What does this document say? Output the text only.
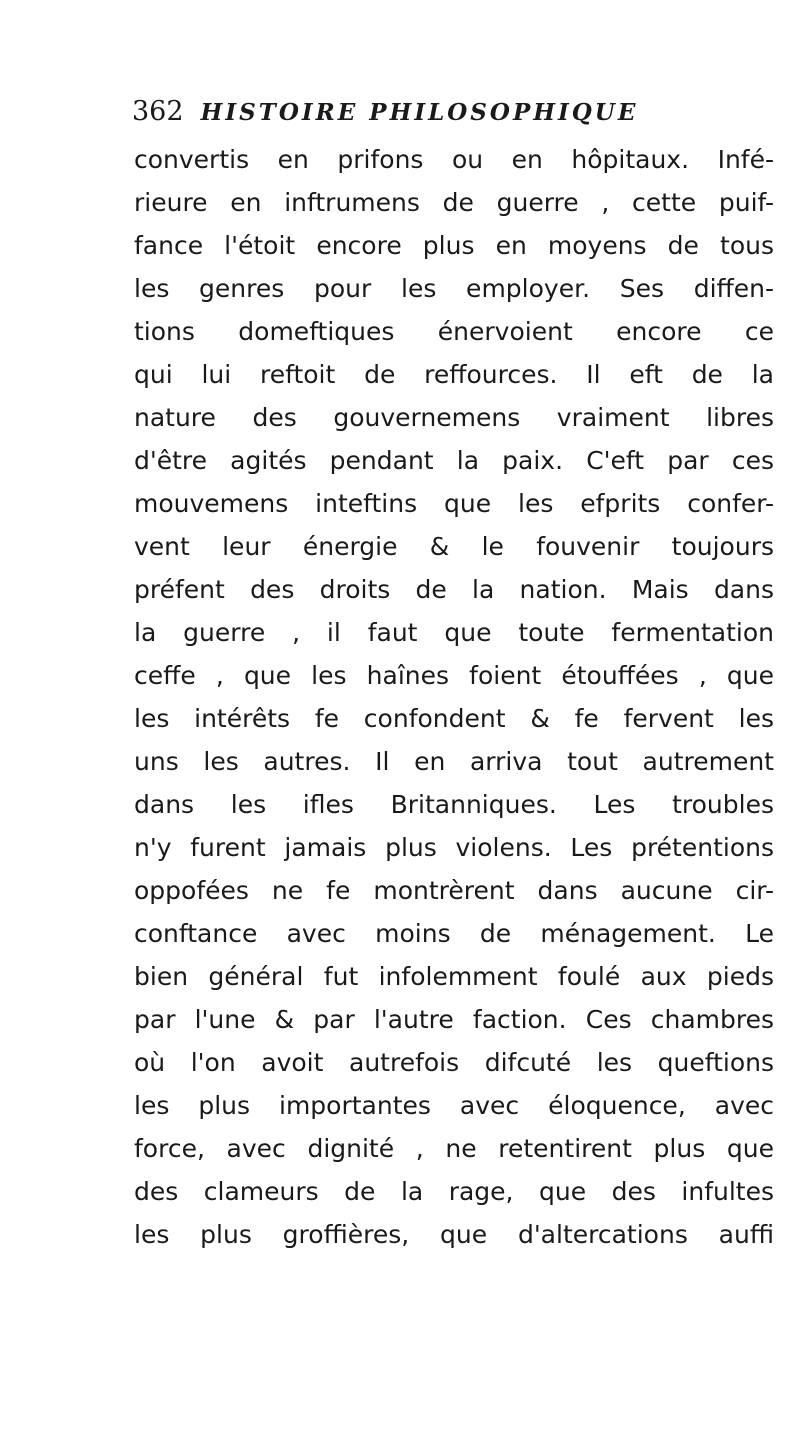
362 HISTOIRE PHILOSOPHIQUE
convertis en prifons ou en hôpitaux. Infé-
rieure en inftrumens de guerre , cette puif-
fance l'étoit encore plus en moyens de tous
les genres pour les employer. Ses diffen-
tions domeftiques énervoient encore ce
qui lui reftoit de reffources. Il eft de la
nature des gouvernemens vraiment libres
d'être agités pendant la paix. C'eft par ces
mouvemens inteftins que les efprits confer-
vent leur énergie & le fouvenir toujours
préfent des droits de la nation. Mais dans
la guerre , il faut que toute fermentation
ceffe , que les haînes foient étouffées , que
les intérêts fe confondent & fe fervent les
uns les autres. Il en arriva tout autrement
dans les ifles Britanniques. Les troubles
n'y furent jamais plus violens. Les prétentions
oppofées ne fe montrèrent dans aucune cir-
conftance avec moins de ménagement. Le
bien général fut infolemment foulé aux pieds
par l'une & par l'autre faction. Ces chambres
où l'on avoit autrefois difcuté les queftions
les plus importantes avec éloquence, avec
force, avec dignité , ne retentirent plus que
des clameurs de la rage, que des infultes
les plus groffières, que d'altercations auffi
